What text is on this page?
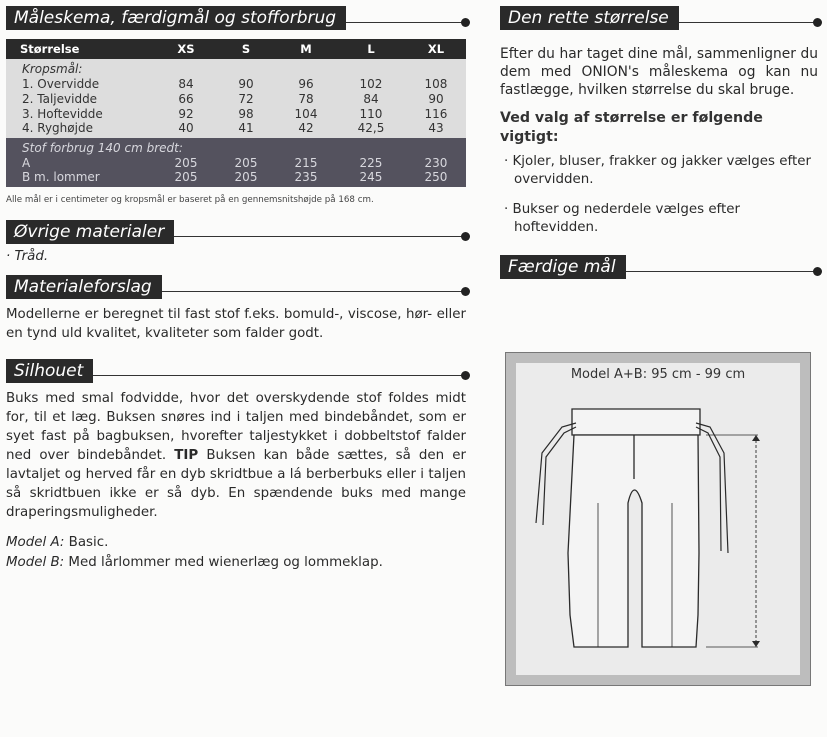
Måleskema, færdigmål og stofforbrug
Størrelse	XS	S	M	L	XL
Kropsmål:					
1. Overvidde	84	90	96	102	108
2. Taljevidde	66	72	78	84	90
3. Hoftevidde	92	98	104	110	116
4. Ryghøjde	40	41	42	42,5	43
Stof forbrug 140 cm bredt:					
A	205	205	215	225	230
B m. lommer	205	205	235	245	250
Alle mål er i centimeter og kropsmål er baseret på en gennemsnitshøjde på 168 cm.
Øvrige materialer
· Tråd.
Materialeforslag
Modellerne er beregnet til fast stof f.eks. bomuld-, viscose, hør- eller en tynd uld kvalitet, kvaliteter som falder godt.
Silhouet
Buks med smal fodvidde, hvor det overskydende stof foldes midt for, til et læg. Buksen snøres ind i taljen med bindebåndet, som er syet fast på bagbuksen, hvorefter taljestykket i dobbeltstof falder ned over bindebåndet. TIP Buksen kan både sættes, så den er lavtaljet og herved får en dyb skridtbue a lá berberbuks eller i taljen så skridtbuen ikke er så dyb. En spændende buks med mange draperingsmuligheder.
Model A: Basic.
Model B: Med lårlommer med wienerlæg og lommeklap.
Den rette størrelse
Efter du har taget dine mål, sammenligner du dem med ONION's måleskema og kan nu fastlægge, hvilken størrelse du skal bruge.
Ved valg af størrelse er følgende vigtigt:
· Kjoler, bluser, frakker og jakker vælges efter overvidden.
· Bukser og nederdele vælges efter hoftevidden.
Færdige mål
Model A+B: 95 cm - 99 cm
